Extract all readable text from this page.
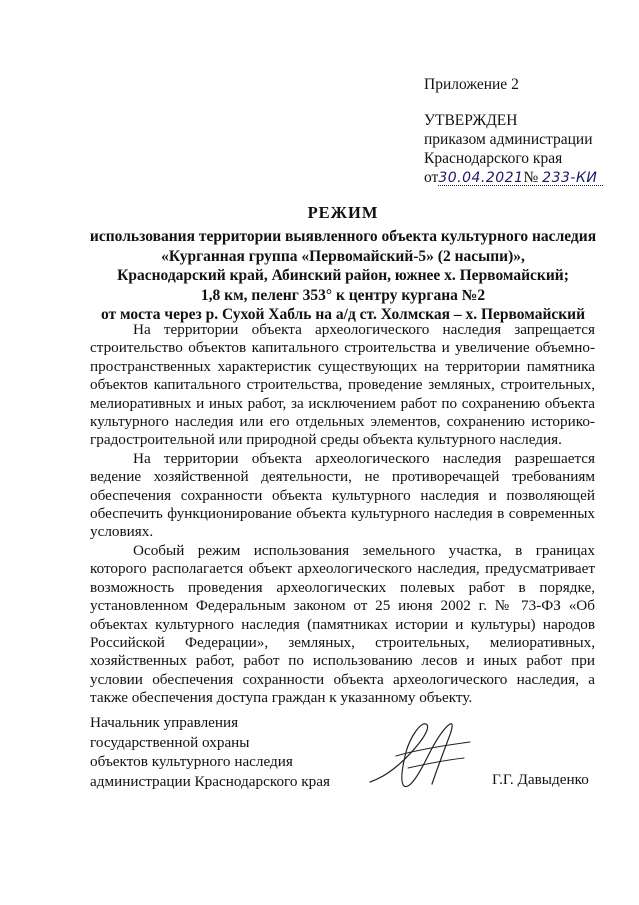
Приложение 2
УТВЕРЖДЕН
приказом администрации
Краснодарского края
от30.04.2021№ 233-КИ
РЕЖИМ
использования территории выявленного объекта культурного наследия
«Курганная группа «Первомайский-5» (2 насыпи)»,
Краснодарский край, Абинский район, южнее х. Первомайский;
1,8 км, пеленг 353° к центру кургана №2
от моста через р. Сухой Хабль на а/д ст. Холмская – х. Первомайский

На территории объекта археологического наследия запрещается строительство объектов капитального строительства и увеличение объемно-пространственных характеристик существующих на территории памятника объектов капитального строительства, проведение земляных, строительных, мелиоративных и иных работ, за исключением работ по сохранению объекта культурного наследия или его отдельных элементов, сохранению историко-градостроительной или природной среды объекта культурного наследия.

На территории объекта археологического наследия разрешается ведение хозяйственной деятельности, не противоречащей требованиям обеспечения сохранности объекта культурного наследия и позволяющей обеспечить функционирование объекта культурного наследия в современных условиях.

Особый режим использования земельного участка, в границах которого располагается объект археологического наследия, предусматривает возможность проведения археологических полевых работ в порядке, установленном Федеральным законом от 25 июня 2002 г. № 73-ФЗ «Об объектах культурного наследия (памятниках истории и культуры) народов Российской Федерации», земляных, строительных, мелиоративных, хозяйственных работ, работ по использованию лесов и иных работ при условии обеспечения сохранности объекта археологического наследия, а также обеспечения доступа граждан к указанному объекту.

Начальник управления
государственной охраны
объектов культурного наследия
администрации Краснодарского края	Г.Г. Давыденко
